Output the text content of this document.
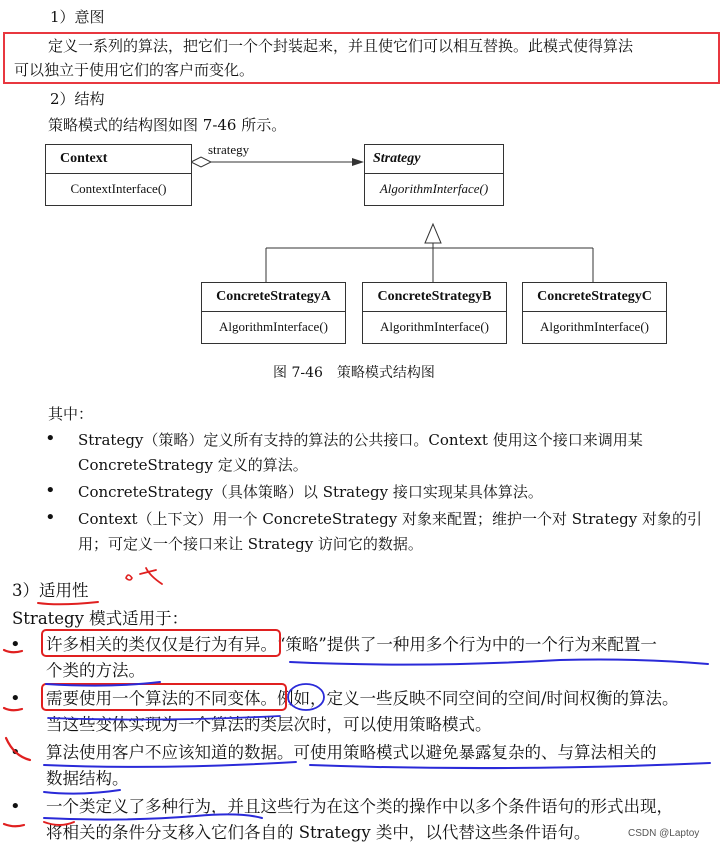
1）意图
定义一系列的算法，把它们一个个封装起来，并且使它们可以相互替换。此模式使得算法
可以独立于使用它们的客户而变化。
2）结构
策略模式的结构图如图 7-46 所示。
strategy
Context
ContextInterface()
Strategy
AlgorithmInterface()
ConcreteStrategyA
AlgorithmInterface()
ConcreteStrategyB
AlgorithmInterface()
ConcreteStrategyC
AlgorithmInterface()
图 7-46　策略模式结构图
其中：
• Strategy（策略）定义所有支持的算法的公共接口。Context 使用这个接口来调用某
ConcreteStrategy 定义的算法。
• ConcreteStrategy（具体策略）以 Strategy 接口实现某具体算法。
• Context（上下文）用一个 ConcreteStrategy 对象来配置；维护一个对 Strategy 对象的引
用；可定义一个接口来让 Strategy 访问它的数据。
3）适用性
Strategy 模式适用于：
• 许多相关的类仅仅是行为有异。“策略”提供了一种用多个行为中的一个行为来配置一
个类的方法。
• 需要使用一个算法的不同变体。例如，定义一些反映不同空间的空间/时间权衡的算法。
当这些变体实现为一个算法的类层次时，可以使用策略模式。
• 算法使用客户不应该知道的数据。可使用策略模式以避免暴露复杂的、与算法相关的
数据结构。
• 一个类定义了多种行为，并且这些行为在这个类的操作中以多个条件语句的形式出现，
将相关的条件分支移入它们各自的 Strategy 类中，以代替这些条件语句。	CSDN @Laptoy
